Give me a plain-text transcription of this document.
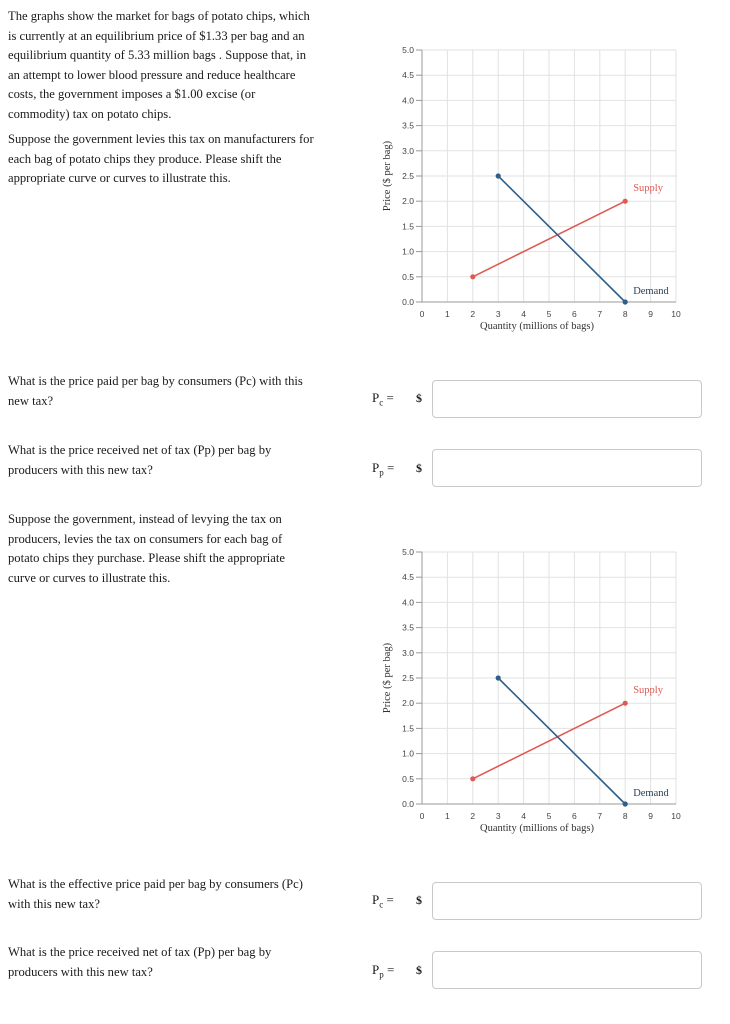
The graphs show the market for bags of potato chips, which
is currently at an equilibrium price of $1.33 per bag and an
equilibrium quantity of 5.33 million bags . Suppose that, in
an attempt to lower blood pressure and reduce healthcare
costs, the government imposes a $1.00 excise (or
commodity) tax on potato chips.
Suppose the government levies this tax on manufacturers for
each bag of potato chips they produce. Please shift the
appropriate curve or curves to illustrate this.
0.0
0.5
1.0
1.5
2.0
2.5
3.0
3.5
4.0
4.5
5.0
0 1 2 3 4 5 6 7 8 9 10
Quantity (millions of bags)
Price ($ per bag)	Supply
Demand
What is the price paid per bag by consumers (Pc) with this
new tax?	$P_c$ = $
What is the price received net of tax (Pp) per bag by
producers with this new tax?	$P_p$ = $
Suppose the government, instead of levying the tax on
producers, levies the tax on consumers for each bag of
potato chips they purchase. Please shift the appropriate
curve or curves to illustrate this.
0.0
0.5
1.0
1.5
2.0
2.5
3.0
3.5
4.0
4.5
5.0
0 1 2 3 4 5 6 7 8 9 10
Quantity (millions of bags)
Price ($ per bag)	Supply
Demand
What is the effective price paid per bag by consumers (Pc)
with this new tax?	$P_c$ = $
What is the price received net of tax (Pp) per bag by
producers with this new tax?	$P_p$ = $
